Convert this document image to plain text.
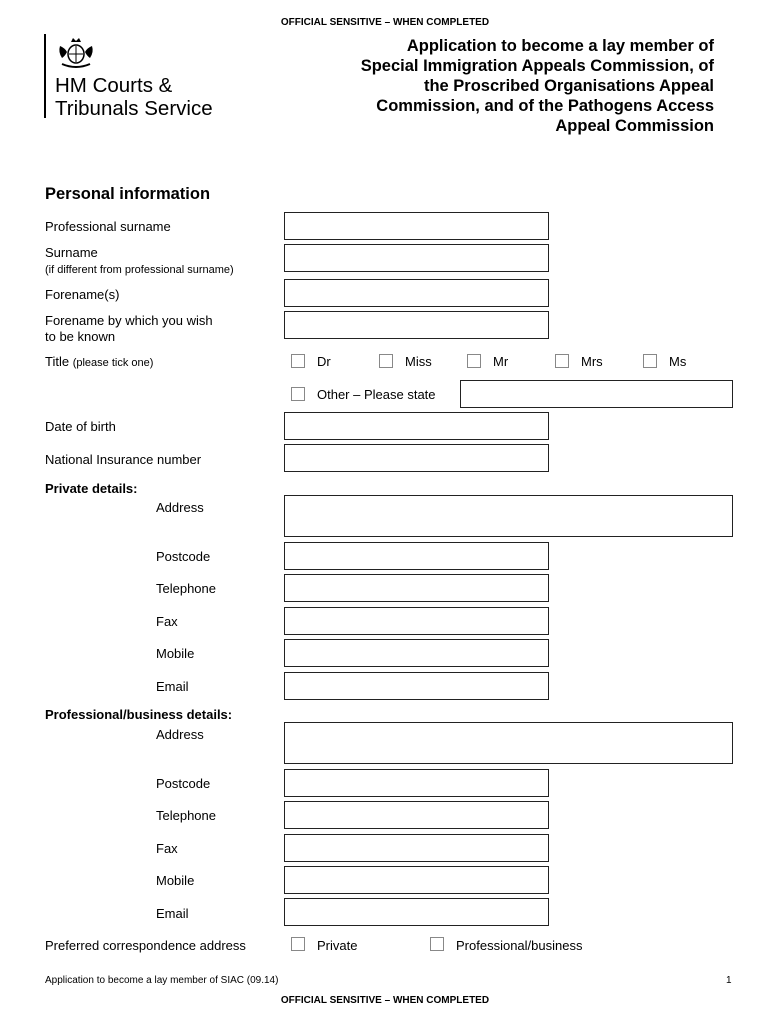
OFFICIAL SENSITIVE – WHEN COMPLETED
HM Courts &
Tribunals Service
Application to become a lay member of
Special Immigration Appeals Commission, of
the Proscribed Organisations Appeal
Commission, and of the Pathogens Access
Appeal Commission
Personal information
Professional surname
Surname
(if different from professional surname)
Forename(s)
Forename by which you wish
to be known
Title (please tick one)	Dr	Miss	Mr	Mrs	Ms
Other – Please state
Date of birth
National Insurance number
Private details:
Address
Postcode
Telephone
Fax
Mobile
Email
Professional/business details:
Address
Postcode
Telephone
Fax
Mobile
Email
Preferred correspondence address	Private	Professional/business
Application to become a lay member of SIAC (09.14)	1
OFFICIAL SENSITIVE – WHEN COMPLETED
